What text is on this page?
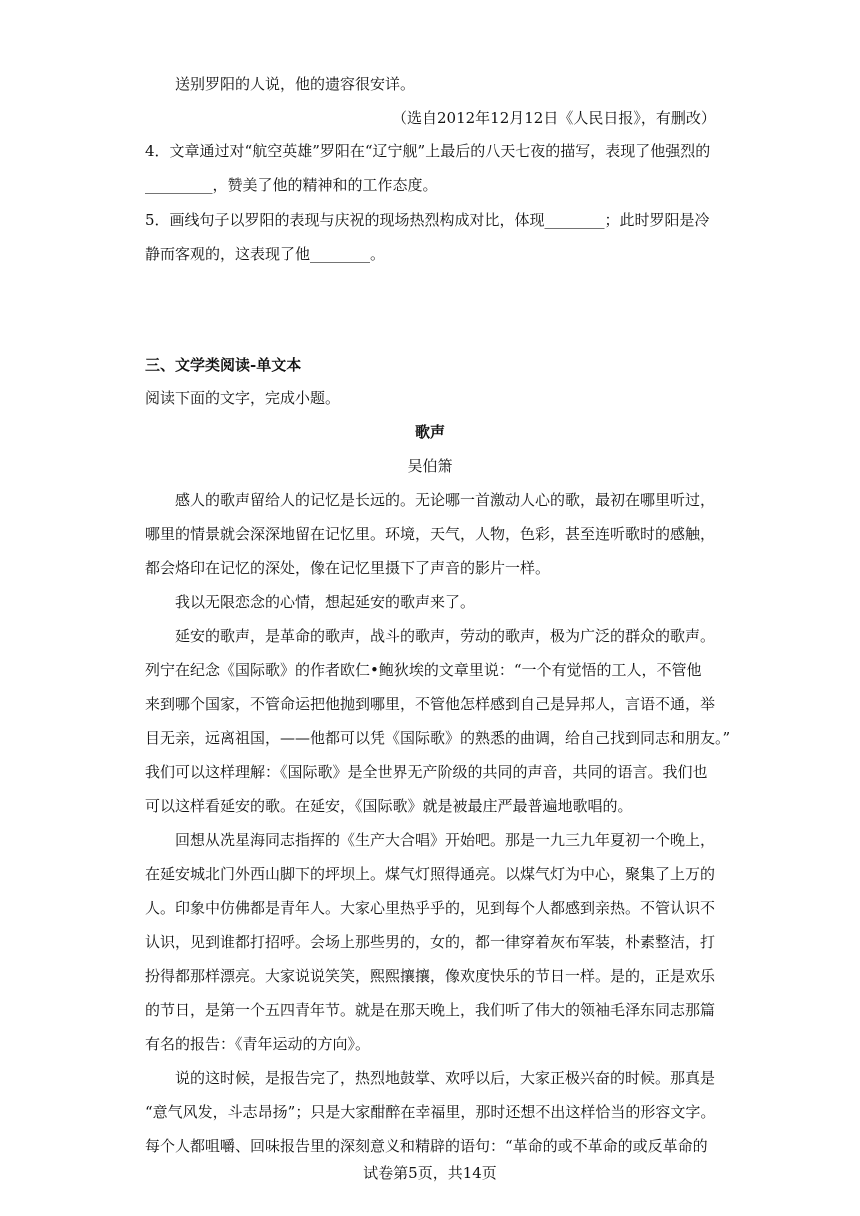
送别罗阳的人说，他的遗容很安详。
（选自2012年12月12日《人民日报》，有删改）
4．文章通过对“航空英雄”罗阳在“辽宁舰”上最后的八天七夜的描写，表现了他强烈的
_________，赞美了他的精神和的工作态度。
5．画线句子以罗阳的表现与庆祝的现场热烈构成对比，体现________；此时罗阳是冷
静而客观的，这表现了他________。
三、文学类阅读-单文本
阅读下面的文字，完成小题。
歌声
吴伯箫
感人的歌声留给人的记忆是长远的。无论哪一首激动人心的歌，最初在哪里听过，
哪里的情景就会深深地留在记忆里。环境，天气，人物，色彩，甚至连听歌时的感触，
都会烙印在记忆的深处，像在记忆里摄下了声音的影片一样。
我以无限恋念的心情，想起延安的歌声来了。
延安的歌声，是革命的歌声，战斗的歌声，劳动的歌声，极为广泛的群众的歌声。
列宁在纪念《国际歌》的作者欧仁•鲍狄埃的文章里说：“一个有觉悟的工人，不管他
来到哪个国家，不管命运把他抛到哪里，不管他怎样感到自己是异邦人，言语不通，举
目无亲，远离祖国，——他都可以凭《国际歌》的熟悉的曲调，给自己找到同志和朋友。”
我们可以这样理解：《国际歌》是全世界无产阶级的共同的声音，共同的语言。我们也
可以这样看延安的歌。在延安，《国际歌》就是被最庄严最普遍地歌唱的。
回想从冼星海同志指挥的《生产大合唱》开始吧。那是一九三九年夏初一个晚上，
在延安城北门外西山脚下的坪坝上。煤气灯照得通亮。以煤气灯为中心，聚集了上万的
人。印象中仿佛都是青年人。大家心里热乎乎的，见到每个人都感到亲热。不管认识不
认识，见到谁都打招呼。会场上那些男的，女的，都一律穿着灰布军装，朴素整洁，打
扮得都那样漂亮。大家说说笑笑，熙熙攘攘，像欢度快乐的节日一样。是的，正是欢乐
的节日，是第一个五四青年节。就是在那天晚上，我们听了伟大的领袖毛泽东同志那篇
有名的报告：《青年运动的方向》。
说的这时候，是报告完了，热烈地鼓掌、欢呼以后，大家正极兴奋的时候。那真是
“意气风发，斗志昂扬”；只是大家酣醉在幸福里，那时还想不出这样恰当的形容文字。
每个人都咀嚼、回味报告里的深刻意义和精辟的语句：“革命的或不革命的或反革命的
试卷第5页，共14页
